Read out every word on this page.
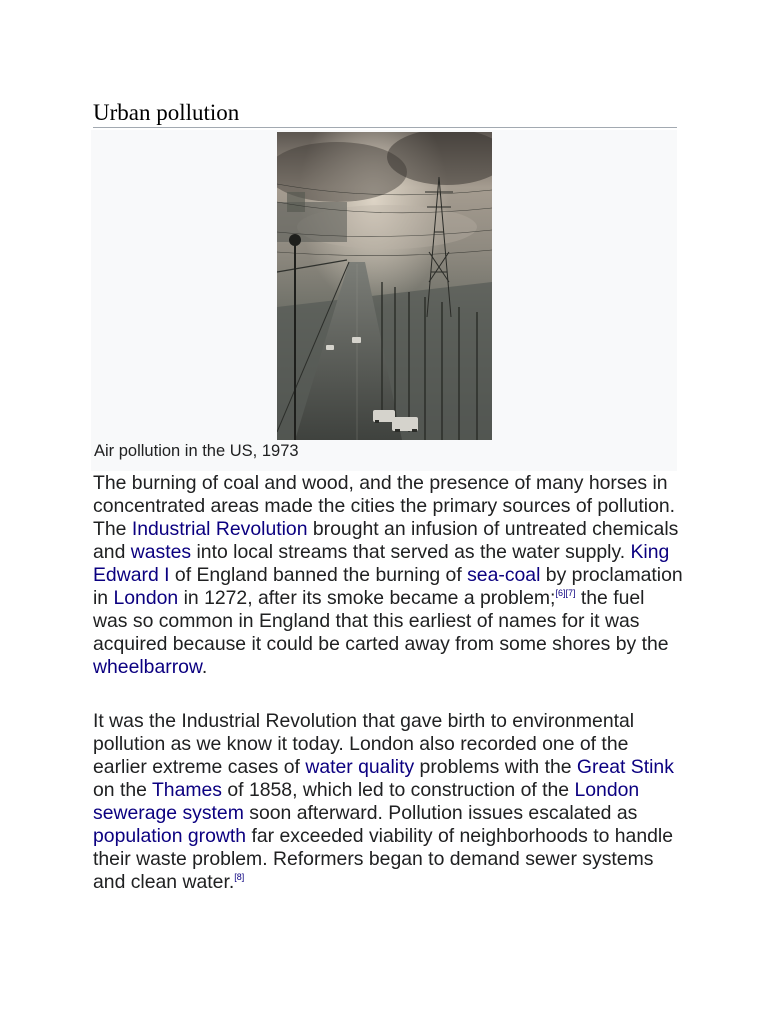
Urban pollution

Air pollution in the US, 1973

The burning of coal and wood, and the presence of many horses in concentrated areas made the cities the primary sources of pollution. The Industrial Revolution brought an infusion of untreated chemicals and wastes into local streams that served as the water supply. King Edward I of England banned the burning of sea-coal by proclamation in London in 1272, after its smoke became a problem;[6][7] the fuel was so common in England that this earliest of names for it was acquired because it could be carted away from some shores by the wheelbarrow.

It was the Industrial Revolution that gave birth to environmental pollution as we know it today. London also recorded one of the earlier extreme cases of water quality problems with the Great Stink on the Thames of 1858, which led to construction of the London sewerage system soon afterward. Pollution issues escalated as population growth far exceeded viability of neighborhoods to handle their waste problem. Reformers began to demand sewer systems and clean water.[8]
